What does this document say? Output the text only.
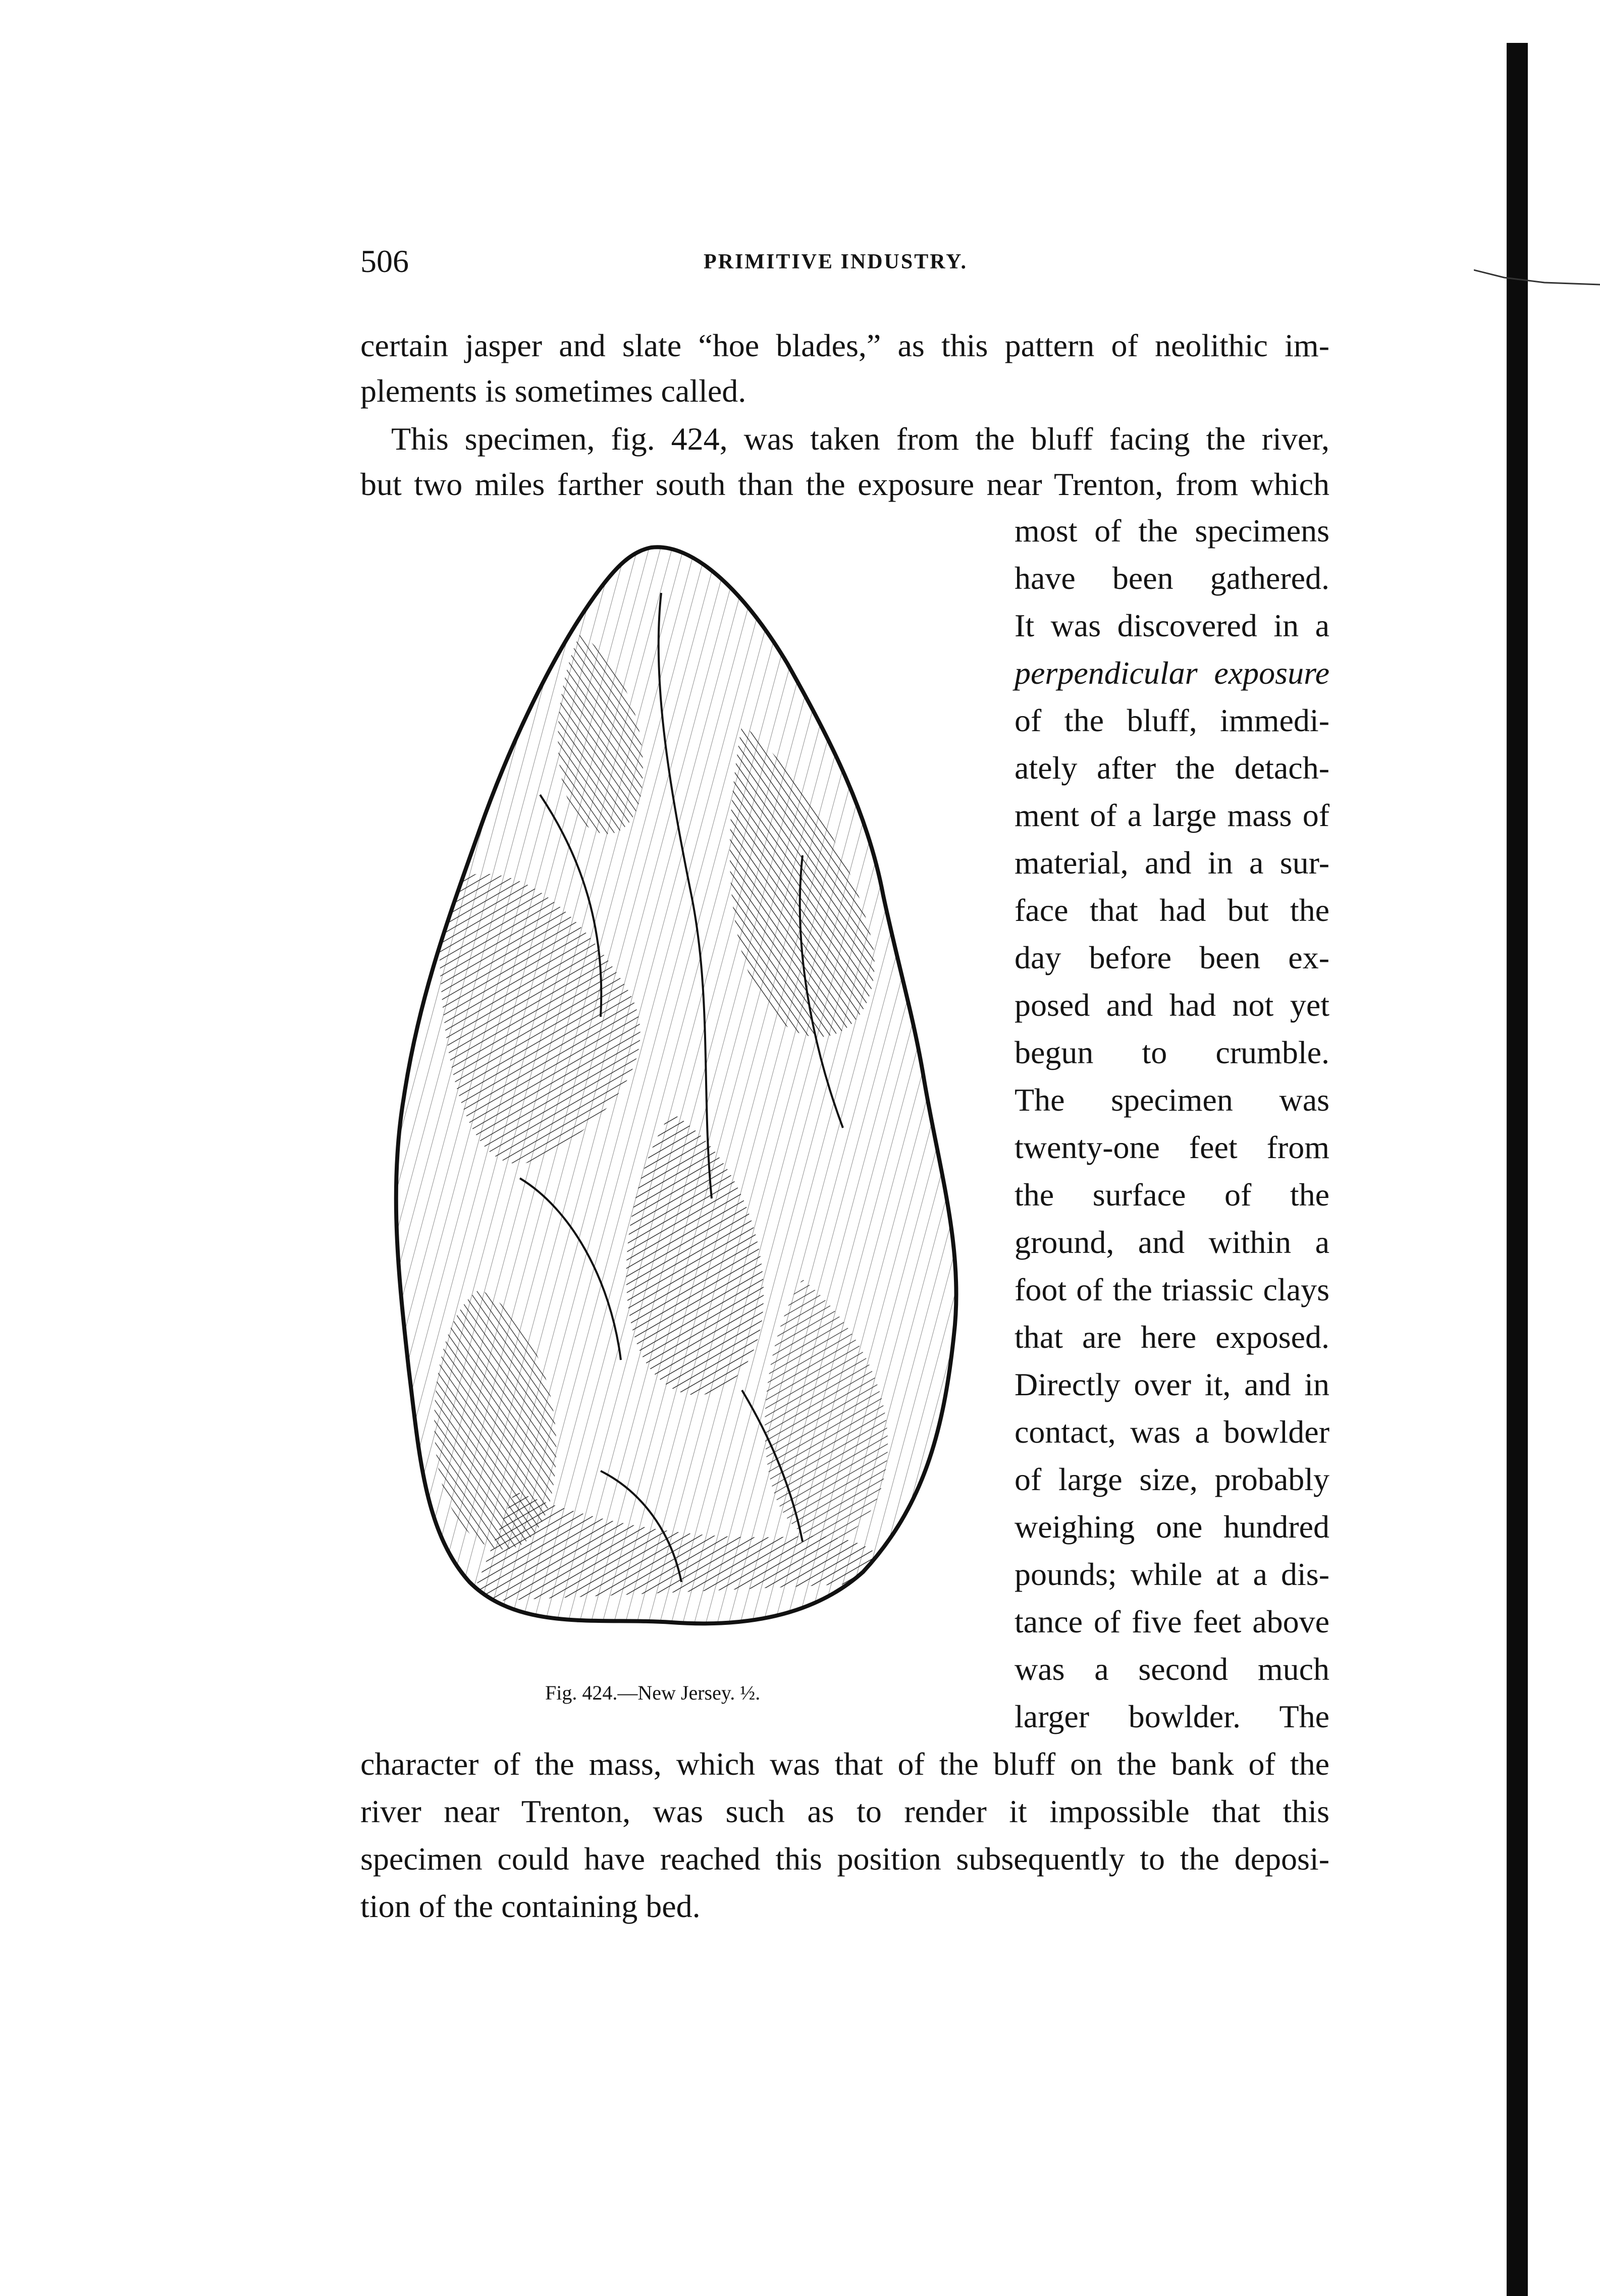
506	PRIMITIVE INDUSTRY.
certain jasper and slate “hoe blades,” as this pattern of neolithic im-
plements is sometimes called.
This specimen, fig. 424, was taken from the bluff facing the river,
but two miles farther south than the exposure near Trenton, from which
most of the specimens
have been gathered.
It was discovered in a
perpendicular exposure
of the bluff, immedi-
ately after the detach-
ment of a large mass of
material, and in a sur-
face that had but the
day before been ex-
posed and had not yet
begun to crumble.
The specimen was
twenty-one feet from
the surface of the
ground, and within a
foot of the triassic clays
that are here exposed.
Directly over it, and in
contact, was a bowlder
of large size, probably
weighing one hundred
pounds; while at a dis-
tance of five feet above
was a second much
larger bowlder. The
character of the mass, which was that of the bluff on the bank of the
river near Trenton, was such as to render it impossible that this
specimen could have reached this position subsequently to the deposi-
tion of the containing bed.
Fig. 424.—New Jersey. ½.
